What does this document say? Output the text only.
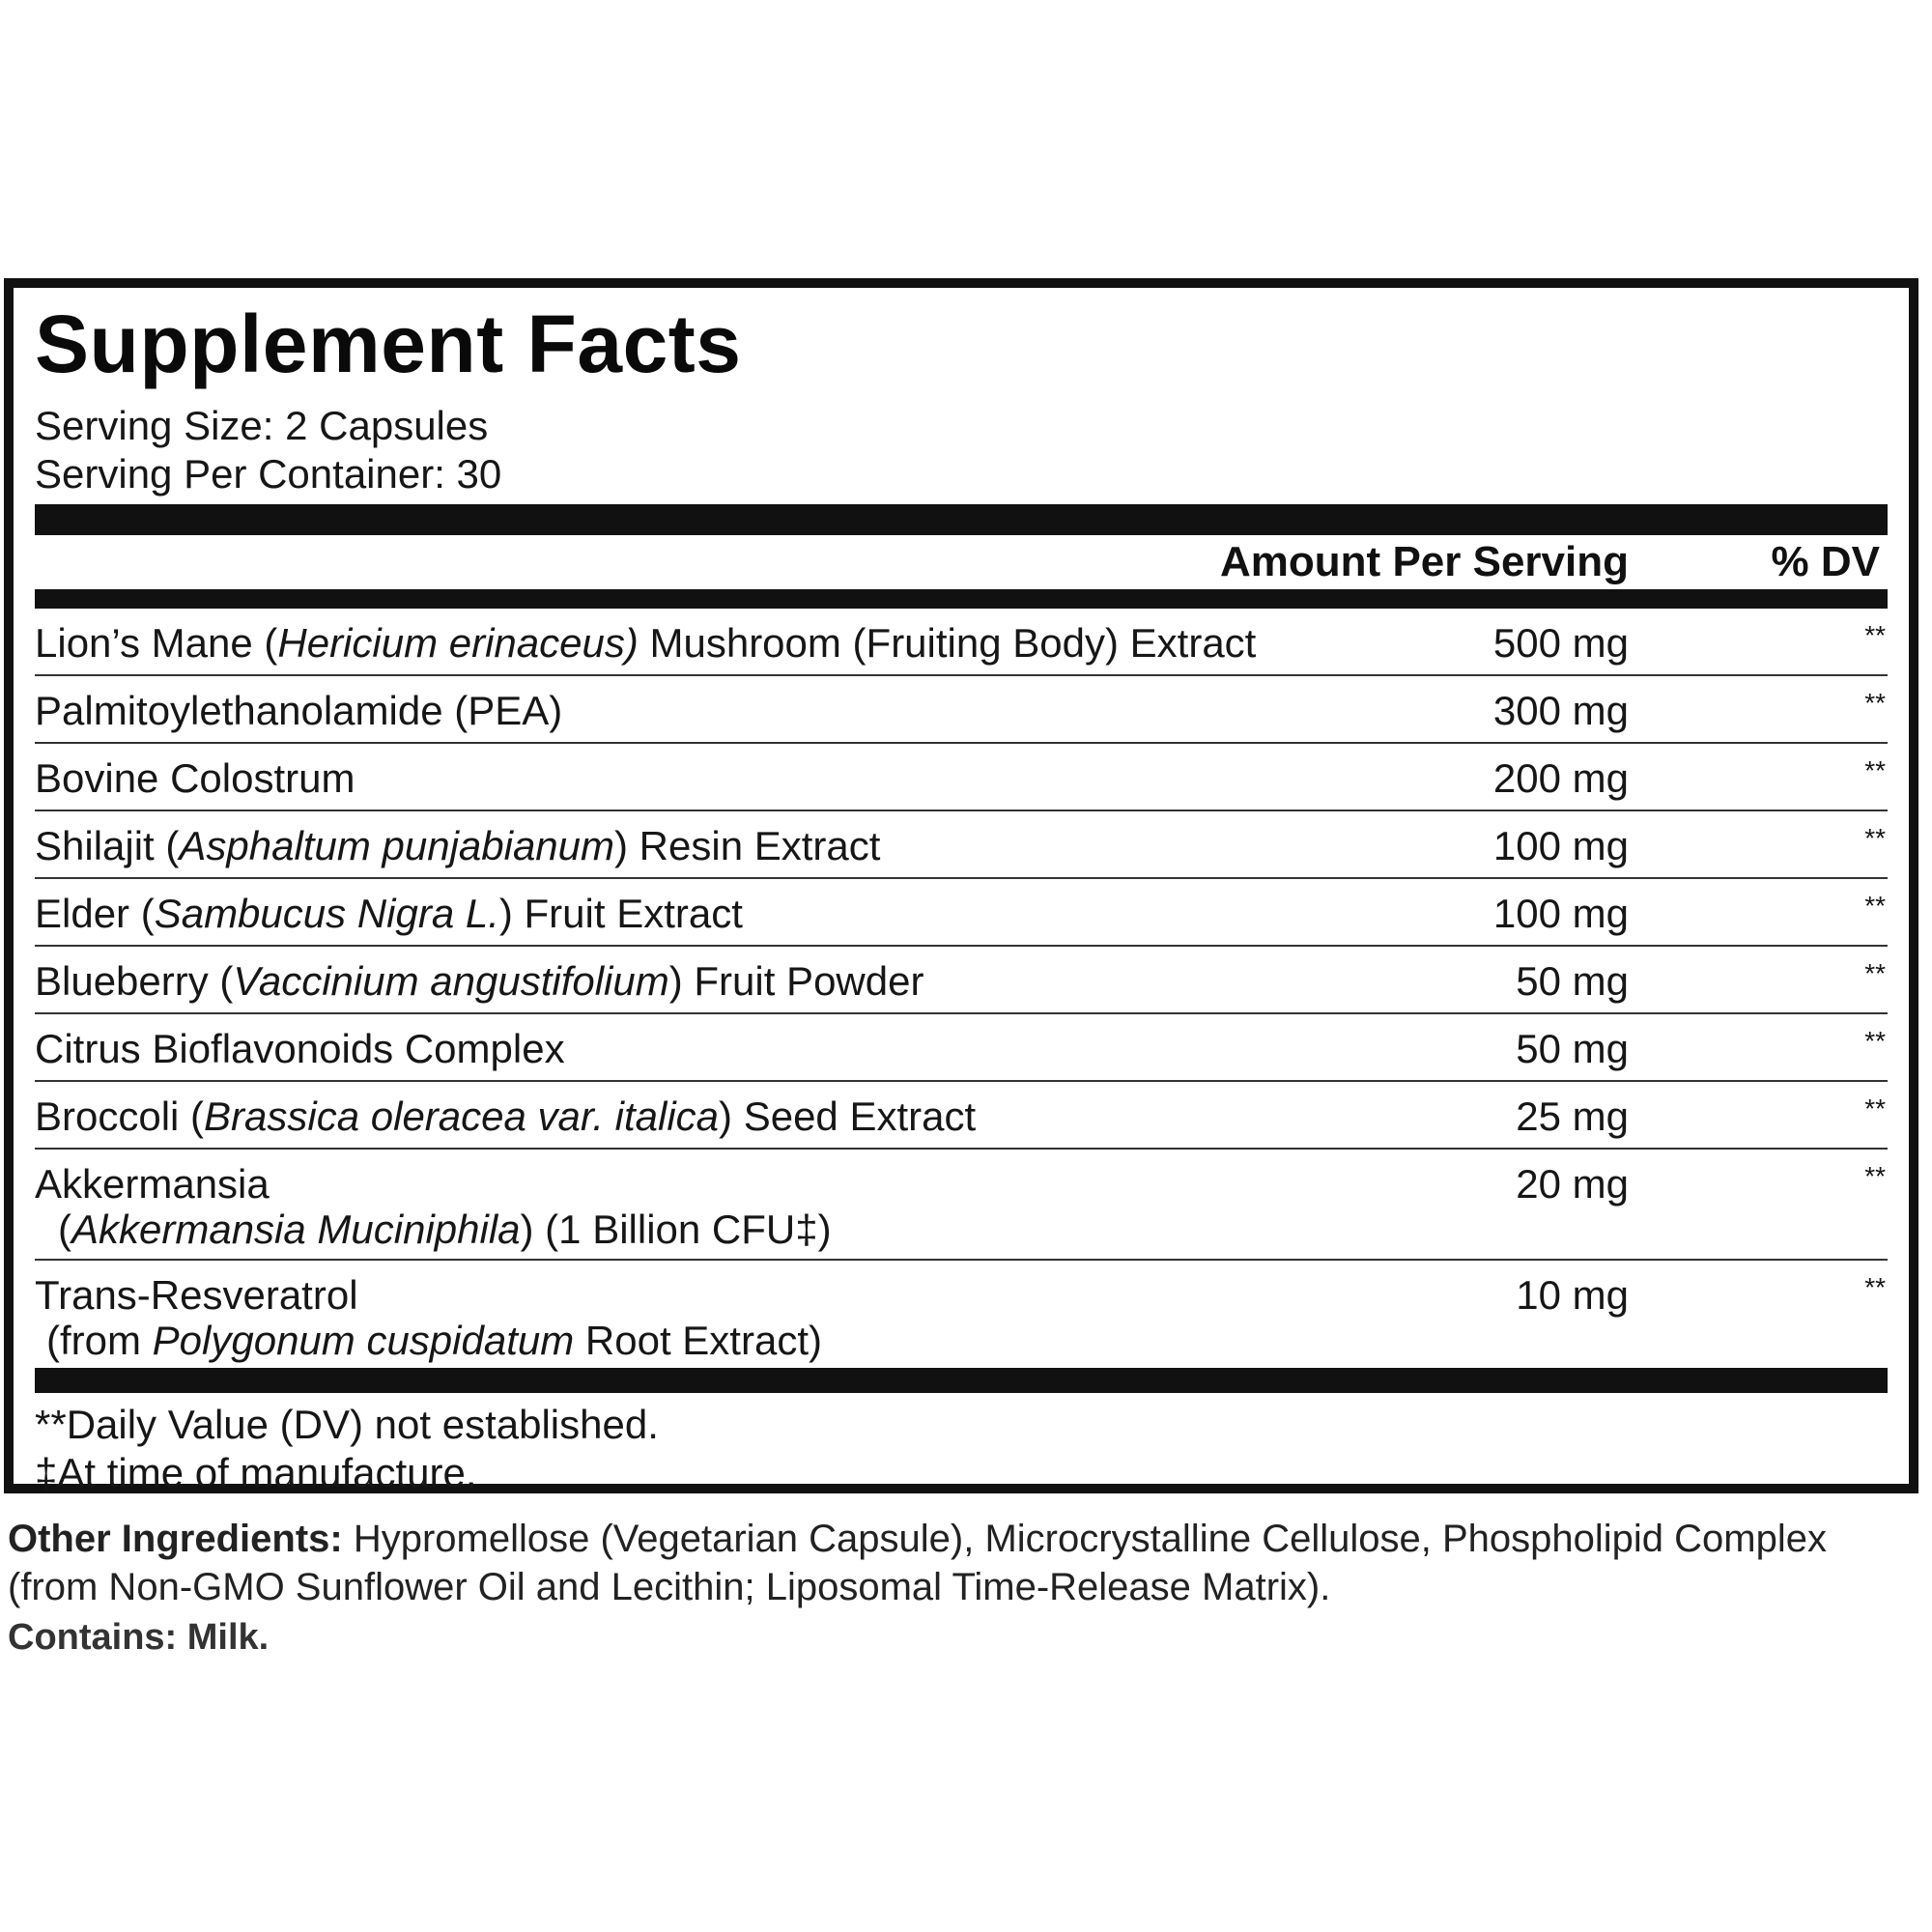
Supplement Facts
Serving Size: 2 Capsules
Serving Per Container: 30
Amount Per Serving	% DV
Lion’s Mane (Hericium erinaceus) Mushroom (Fruiting Body) Extract	500 mg	**
Palmitoylethanolamide (PEA)	300 mg	**
Bovine Colostrum	200 mg	**
Shilajit (Asphaltum punjabianum) Resin Extract	100 mg	**
Elder (Sambucus Nigra L.) Fruit Extract	100 mg	**
Blueberry (Vaccinium angustifolium) Fruit Powder	50 mg	**
Citrus Bioflavonoids Complex	50 mg	**
Broccoli (Brassica oleracea var. italica) Seed Extract	25 mg	**
Akkermansia
(Akkermansia Muciniphila) (1 Billion CFU‡)
20 mg	**
Trans-Resveratrol
(from Polygonum cuspidatum Root Extract)
10 mg	**
**Daily Value (DV) not established.
‡At time of manufacture.
Other Ingredients: Hypromellose (Vegetarian Capsule), Microcrystalline Cellulose, Phospholipid Complex (from Non-GMO Sunflower Oil and Lecithin; Liposomal Time-Release Matrix).
Contains: Milk.
